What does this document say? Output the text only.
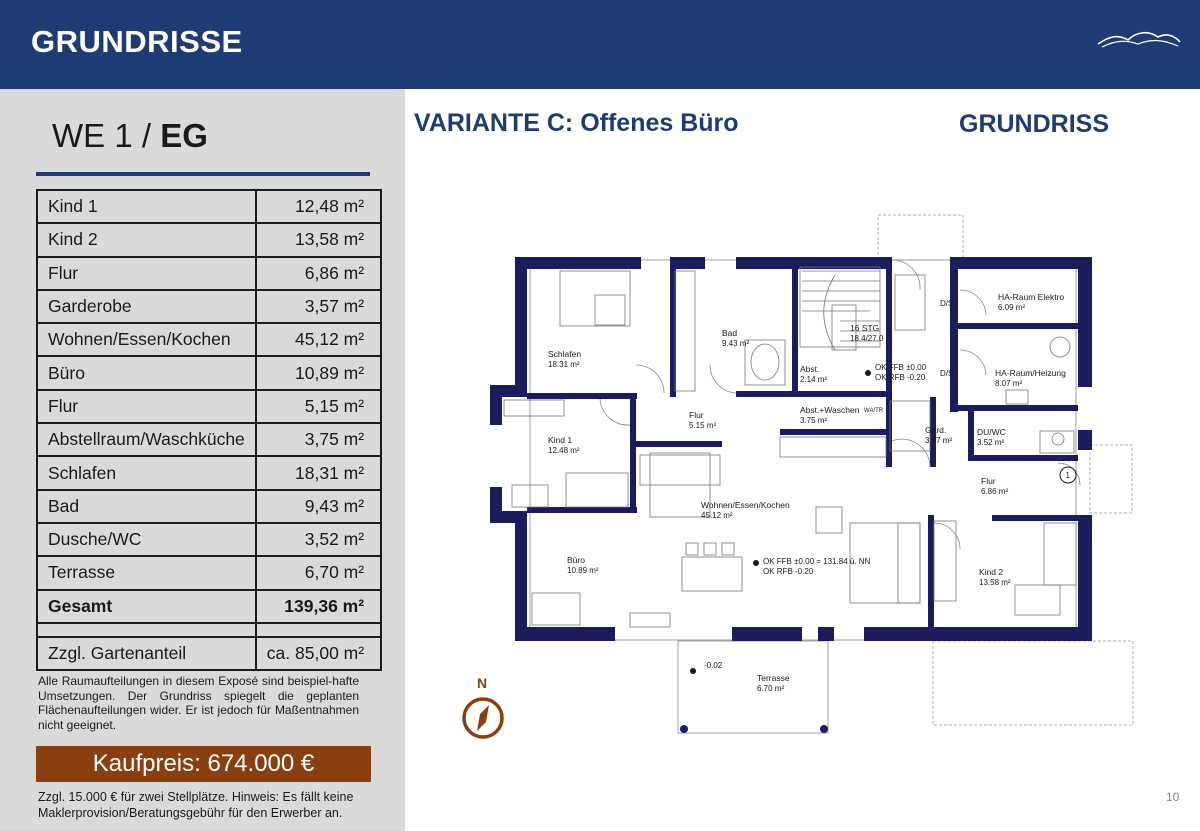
GRUNDRISSE
WE 1 / EG
Kind 1	12,48 m²
Kind 2	13,58 m²
Flur	6,86 m²
Garderobe	3,57 m²
Wohnen/Essen/Kochen	45,12 m²
Büro	10,89 m²
Flur	5,15 m²
Abstellraum/Waschküche	3,75 m²
Schlafen	18,31 m²
Bad	9,43 m²
Dusche/WC	3,52 m²
Terrasse	6,70 m²
Gesamt	139,36 m²

Zzgl. Gartenanteil	ca. 85,00 m²
Alle Raumaufteilungen in diesem Exposé sind beispiel-hafte Umsetzungen. Der Grundriss spiegelt die geplanten Flächenaufteilungen wider. Er ist jedoch für Maßentnahmen nicht geeignet.
Kaufpreis: 674.000 €
Zzgl. 15.000 € für zwei Stellplätze. Hinweis: Es fällt keine Maklerprovision/Beratungsgebühr für den Erwerber an.
VARIANTE C: Offenes Büro	GRUNDRISS
10
Schlafen
18.31 m²
Bad
9.43 m²
Abst.
2.14 m²
16 STG
18.4/27.0
HA-Raum Elektro
6.09 m²
HA-Raum/Heizung
8.07 m²
Kind 1
12.48 m²
Flur
5.15 m²
Abst.+Waschen
3.75 m²
Gard.
3.57 m²
DU/WC
3.52 m²
Flur
6.86 m²
Wohnen/Essen/Kochen
45.12 m²
Büro
10.89 m²	Kind 2
13.58 m²
Terrasse
6.70 m²
OK FFB ±0.00
OK RFB -0.20
OK FFB ±0.00 = 131.84 ü. NN
OK RFB -0.20
D/S
D/S
WA/TR
-0.02
1
N
